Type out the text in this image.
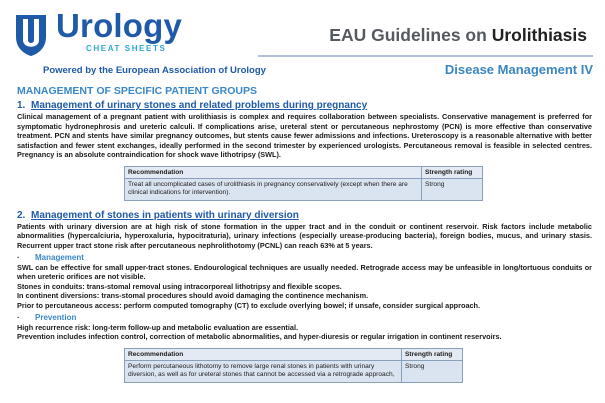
Urology
CHEAT SHEETS
Powered by the European Association of Urology
EAU Guidelines on Urolithiasis
Disease Management IV
MANAGEMENT OF SPECIFIC PATIENT GROUPS
1. Management of urinary stones and related problems during pregnancy

Clinical management of a pregnant patient with urolithiasis is complex and requires collaboration between specialists. Conservative management is preferred for symptomatic hydronephrosis and ureteric calculi. If complications arise, ureteral stent or percutaneous nephrostomy (PCN) is more effective than conservative treatment. PCN and stents have similar pregnancy outcomes, but stents cause fewer admissions and infections. Ureteroscopy is a reasonable alternative with better satisfaction and fewer stent exchanges, ideally performed in the second trimester by experienced urologists. Percutaneous removal is feasible in selected centres. Pregnancy is an absolute contraindication for shock wave lithotripsy (SWL).

Recommendation	Strength rating
Treat all uncomplicated cases of urolithiasis in pregnancy conservatively (except when there are clinical indications for intervention).	Strong
2. Management of stones in patients with urinary diversion

Patients with urinary diversion are at high risk of stone formation in the upper tract and in the conduit or continent reservoir. Risk factors include metabolic abnormalities (hypercalciuria, hyperoxaluria, hypocitraturia), urinary infections (especially urease-producing bacteria), foreign bodies, mucus, and urinary stasis. Recurrent upper tract stone risk after percutaneous nephrolithotomy (PCNL) can reach 63% at 5 years.

· Management

SWL can be effective for small upper-tract stones. Endourological techniques are usually needed. Retrograde access may be unfeasible in long/tortuous conduits or when ureteric orifices are not visible.

Stones in conduits: trans-stomal removal using intracorporeal lithotripsy and flexible scopes.

In continent diversions: trans-stomal procedures should avoid damaging the continence mechanism.

Prior to percutaneous access: perform computed tomography (CT) to exclude overlying bowel; if unsafe, consider surgical approach.

· Prevention

High recurrence risk: long-term follow-up and metabolic evaluation are essential.

Prevention includes infection control, correction of metabolic abnormalities, and hyper-diuresis or regular irrigation in continent reservoirs.

Recommendation	Strength rating
Perform percutaneous lithotomy to remove large renal stones in patients with urinary diversion, as well as for ureteral stones that cannot be accessed via a retrograde approach,	Strong
